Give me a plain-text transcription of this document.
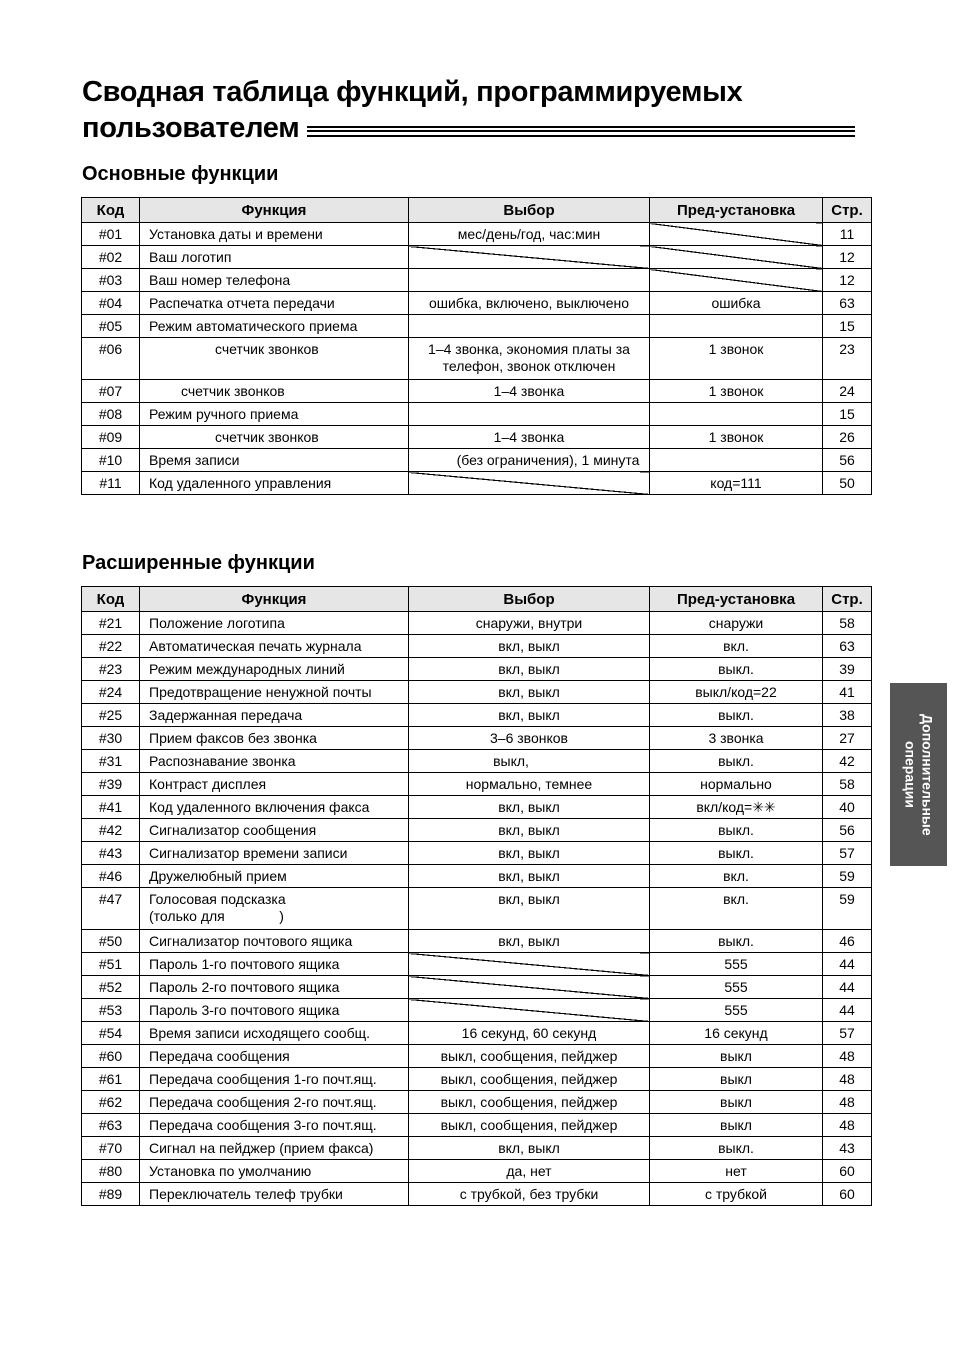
Сводная таблица функций, программируемых
пользователем
Основные функции
Код	Функция	Выбор	Пред-установка	Стр.
#01	Установка даты и времени	мес/день/год, час:мин		11
#02	Ваш логотип			12
#03	Ваш номер телефона			12
#04	Распечатка отчета передачи	ошибка, включено, выключено	ошибка	63
#05	Режим автоматического приема			15
#06	счетчик звонков	1–4 звонка, экономия платы за телефон, звонок отключен	1 звонок	23
#07	счетчик звонков	1–4 звонка	1 звонок	24
#08	Режим ручного приема			15
#09	счетчик звонков	1–4 звонка	1 звонок	26
#10	Время записи	(без ограничения), 1 минута		56
#11	Код удаленного управления		код=111	50
Расширенные функции
Код	Функция	Выбор	Пред-установка	Стр.
#21	Положение логотипа	снаружи, внутри	снаружи	58
#22	Автоматическая печать журнала	вкл, выкл	вкл.	63
#23	Режим международных линий	вкл, выкл	выкл.	39
#24	Предотвращение ненужной почты	вкл, выкл	выкл/код=22	41
#25	Задержанная передача	вкл, выкл	выкл.	38
#30	Прием факсов без звонка	3–6 звонков	3 звонка	27
#31	Распознавание звонка	выкл,	выкл.	42
#39	Контраст дисплея	нормально, темнее	нормально	58
#41	Код удаленного включения факса	вкл, выкл	вкл/код=✳✳	40
#42	Сигнализатор сообщения	вкл, выкл	выкл.	56
#43	Сигнализатор времени записи	вкл, выкл	выкл.	57
#46	Дружелюбный прием	вкл, выкл	вкл.	59
#47	Голосовая подсказка
(только для              )	вкл, выкл	вкл.	59
#50	Сигнализатор почтового ящика	вкл, выкл	выкл.	46
#51	Пароль 1-го почтового ящика		555	44
#52	Пароль 2-го почтового ящика		555	44
#53	Пароль 3-го почтового ящика		555	44
#54	Время записи исходящего сообщ.	16 секунд, 60 секунд	16 секунд	57
#60	Передача сообщения	выкл, сообщения, пейджер	выкл	48
#61	Передача сообщения 1-го почт.ящ.	выкл, сообщения, пейджер	выкл	48
#62	Передача сообщения 2-го почт.ящ.	выкл, сообщения, пейджер	выкл	48
#63	Передача сообщения 3-го почт.ящ.	выкл, сообщения, пейджер	выкл	48
#70	Сигнал на пейджер (прием факса)	вкл, выкл	выкл.	43
#80	Установка по умолчанию	да, нет	нет	60
#89	Переключатель телеф трубки	с трубкой, без трубки	с трубкой	60
Дополнительные
операции
